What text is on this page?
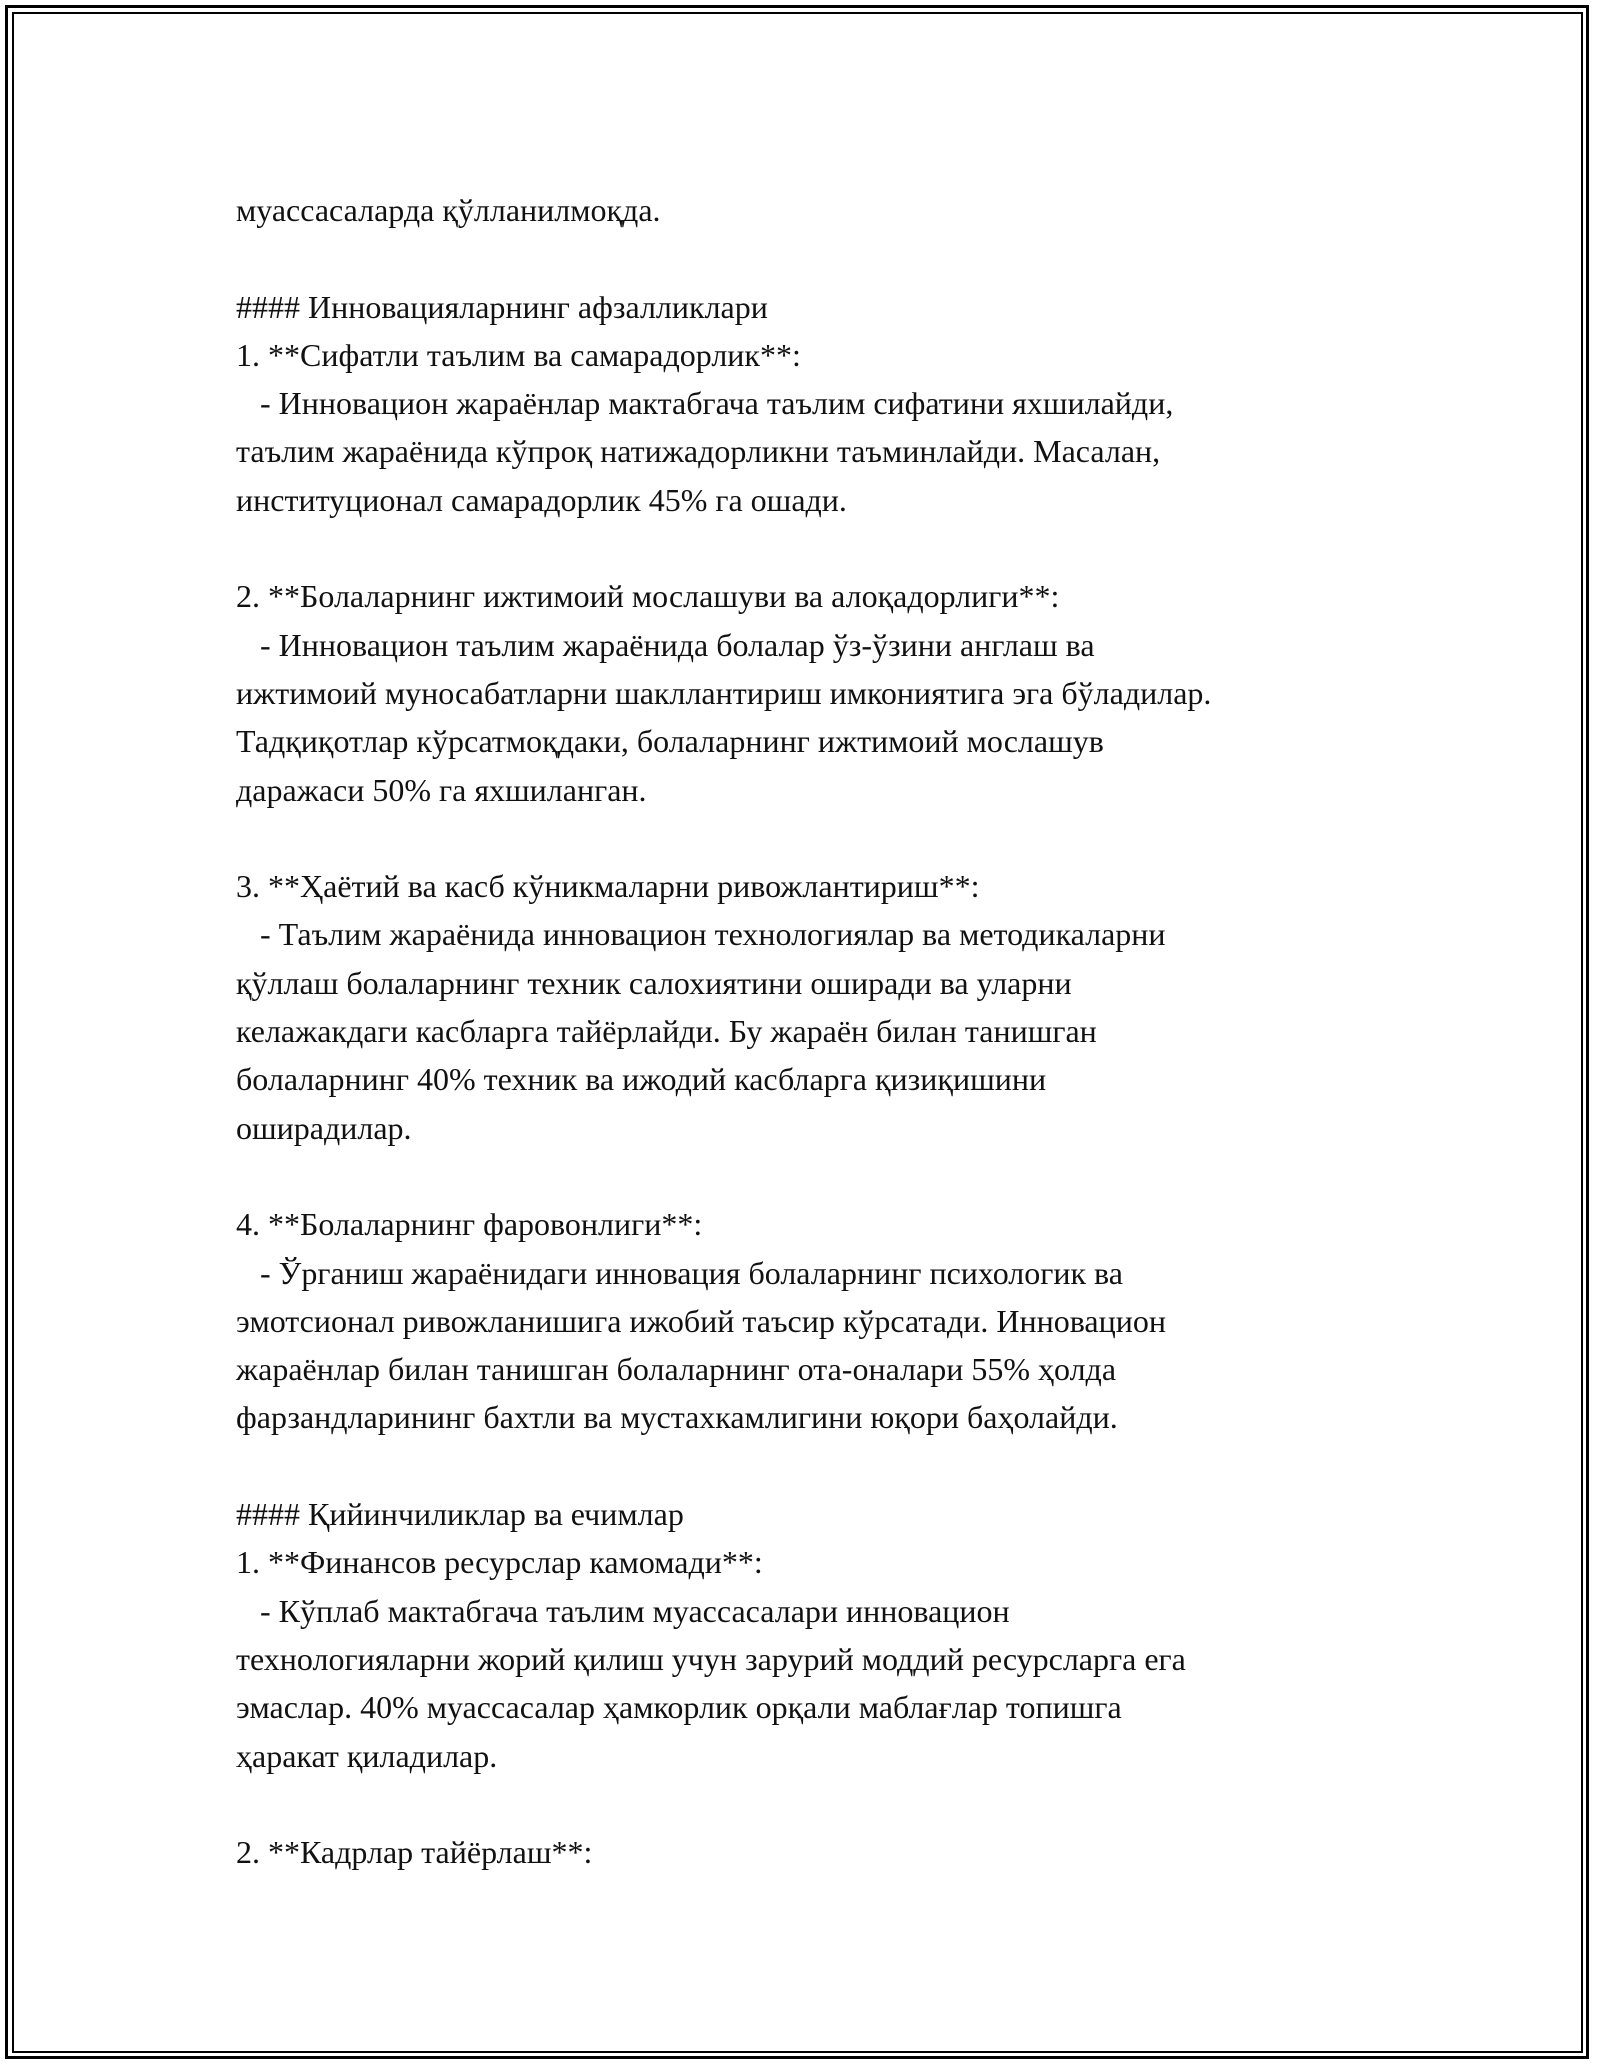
муассасаларда қўлланилмоқда.
#### Инновацияларнинг афзалликлари
1. **Сифатли таълим ва самарадорлик**:
- Инновацион жараёнлар мактабгача таълим сифатини яхшилайди,
таълим жараёнида кўпроқ натижадорликни таъминлайди. Масалан,
институционал самарадорлик 45% га ошади.
2. **Болаларнинг ижтимоий мослашуви ва алоқадорлиги**:
- Инновацион таълим жараёнида болалар ўз-ўзини англаш ва
ижтимоий муносабатларни шакллантириш имкониятига эга бўладилар.
Тадқиқотлар кўрсатмоқдаки, болаларнинг ижтимоий мослашув
даражаси 50% га яхшиланган.
3. **Ҳаётий ва касб кўникмаларни ривожлантириш**:
- Таълим жараёнида инновацион технологиялар ва методикаларни
қўллаш болаларнинг техник салохиятини оширади ва уларни
келажакдаги касбларга тайёрлайди. Бу жараён билан танишган
болаларнинг 40% техник ва ижодий касбларга қизиқишини
оширадилар.
4. **Болаларнинг фаровонлиги**:
- Ўрганиш жараёнидаги инновация болаларнинг психологик ва
эмотсионал ривожланишига ижобий таъсир кўрсатади. Инновацион
жараёнлар билан танишган болаларнинг ота-оналари 55% ҳолда
фарзандларининг бахтли ва мустахкамлигини юқори баҳолайди.
#### Қийинчиликлар ва ечимлар
1. **Финансов ресурслар камомади**:
- Кўплаб мактабгача таълим муассасалари инновацион
технологияларни жорий қилиш учун зарурий моддий ресурсларга ега
эмаслар. 40% муассасалар ҳамкорлик орқали маблағлар топишга
ҳаракат қиладилар.
2. **Кадрлар тайёрлаш**:
